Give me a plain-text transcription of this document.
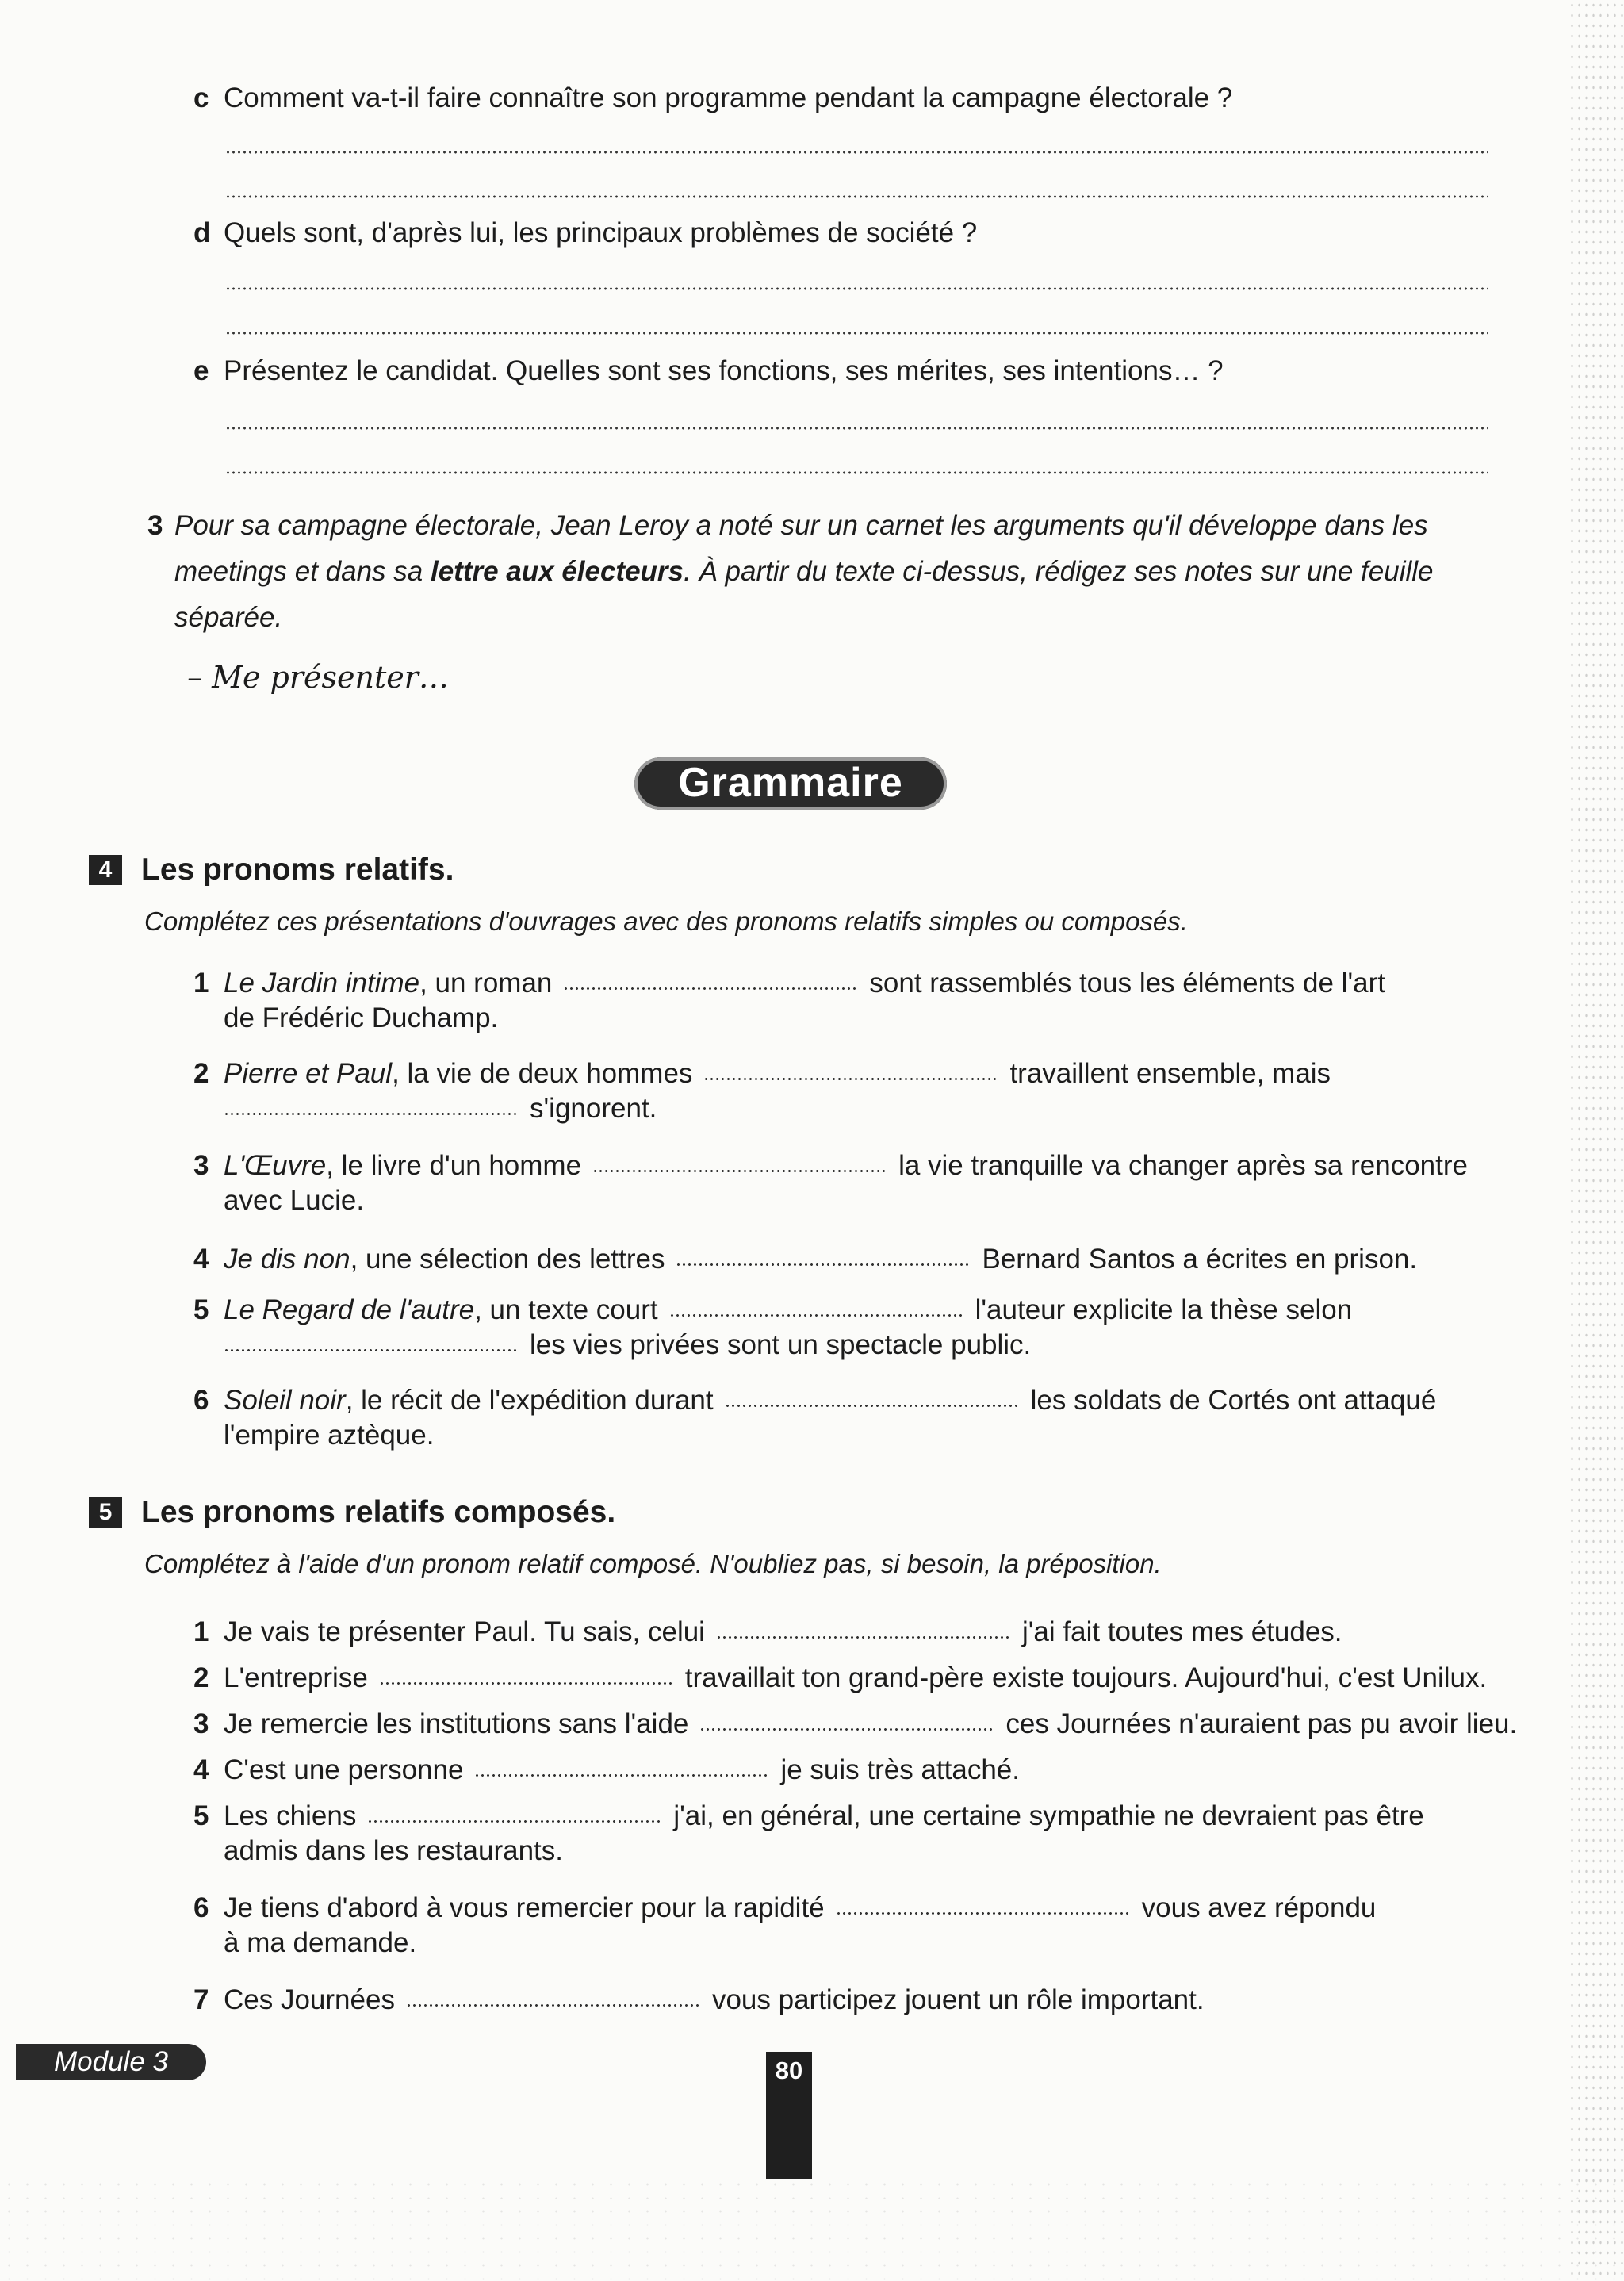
c Comment va-t-il faire connaître son programme pendant la campagne électorale ?
d Quels sont, d'après lui, les principaux problèmes de société ?
e Présentez le candidat. Quelles sont ses fonctions, ses mérites, ses intentions… ?
3 Pour sa campagne électorale, Jean Leroy a noté sur un carnet les arguments qu'il développe dans les
meetings et dans sa lettre aux électeurs. À partir du texte ci-dessus, rédigez ses notes sur une feuille
séparée.
– Me présenter…
Grammaire
4 Les pronoms relatifs.
Complétez ces présentations d'ouvrages avec des pronoms relatifs simples ou composés.
1 Le Jardin intime, un roman	sont rassemblés tous les éléments de l'art
de Frédéric Duchamp.
2 Pierre et Paul, la vie de deux hommes	travaillent ensemble, mais
s'ignorent.
3 L'Œuvre, le livre d'un homme	la vie tranquille va changer après sa rencontre
avec Lucie.
4 Je dis non, une sélection des lettres	Bernard Santos a écrites en prison.
5 Le Regard de l'autre, un texte court	l'auteur explicite la thèse selon
les vies privées sont un spectacle public.
6 Soleil noir, le récit de l'expédition durant	les soldats de Cortés ont attaqué
l'empire aztèque.
5 Les pronoms relatifs composés.
Complétez à l'aide d'un pronom relatif composé. N'oubliez pas, si besoin, la préposition.
1 Je vais te présenter Paul. Tu sais, celui	j'ai fait toutes mes études.
2 L'entreprise	travaillait ton grand-père existe toujours. Aujourd'hui, c'est Unilux.
3 Je remercie les institutions sans l'aide	ces Journées n'auraient pas pu avoir lieu.
4 C'est une personne	je suis très attaché.
5 Les chiens	j'ai, en général, une certaine sympathie ne devraient pas être
admis dans les restaurants.
6 Je tiens d'abord à vous remercier pour la rapidité	vous avez répondu
à ma demande.
7 Ces Journées	vous participez jouent un rôle important.
Module 3	80
